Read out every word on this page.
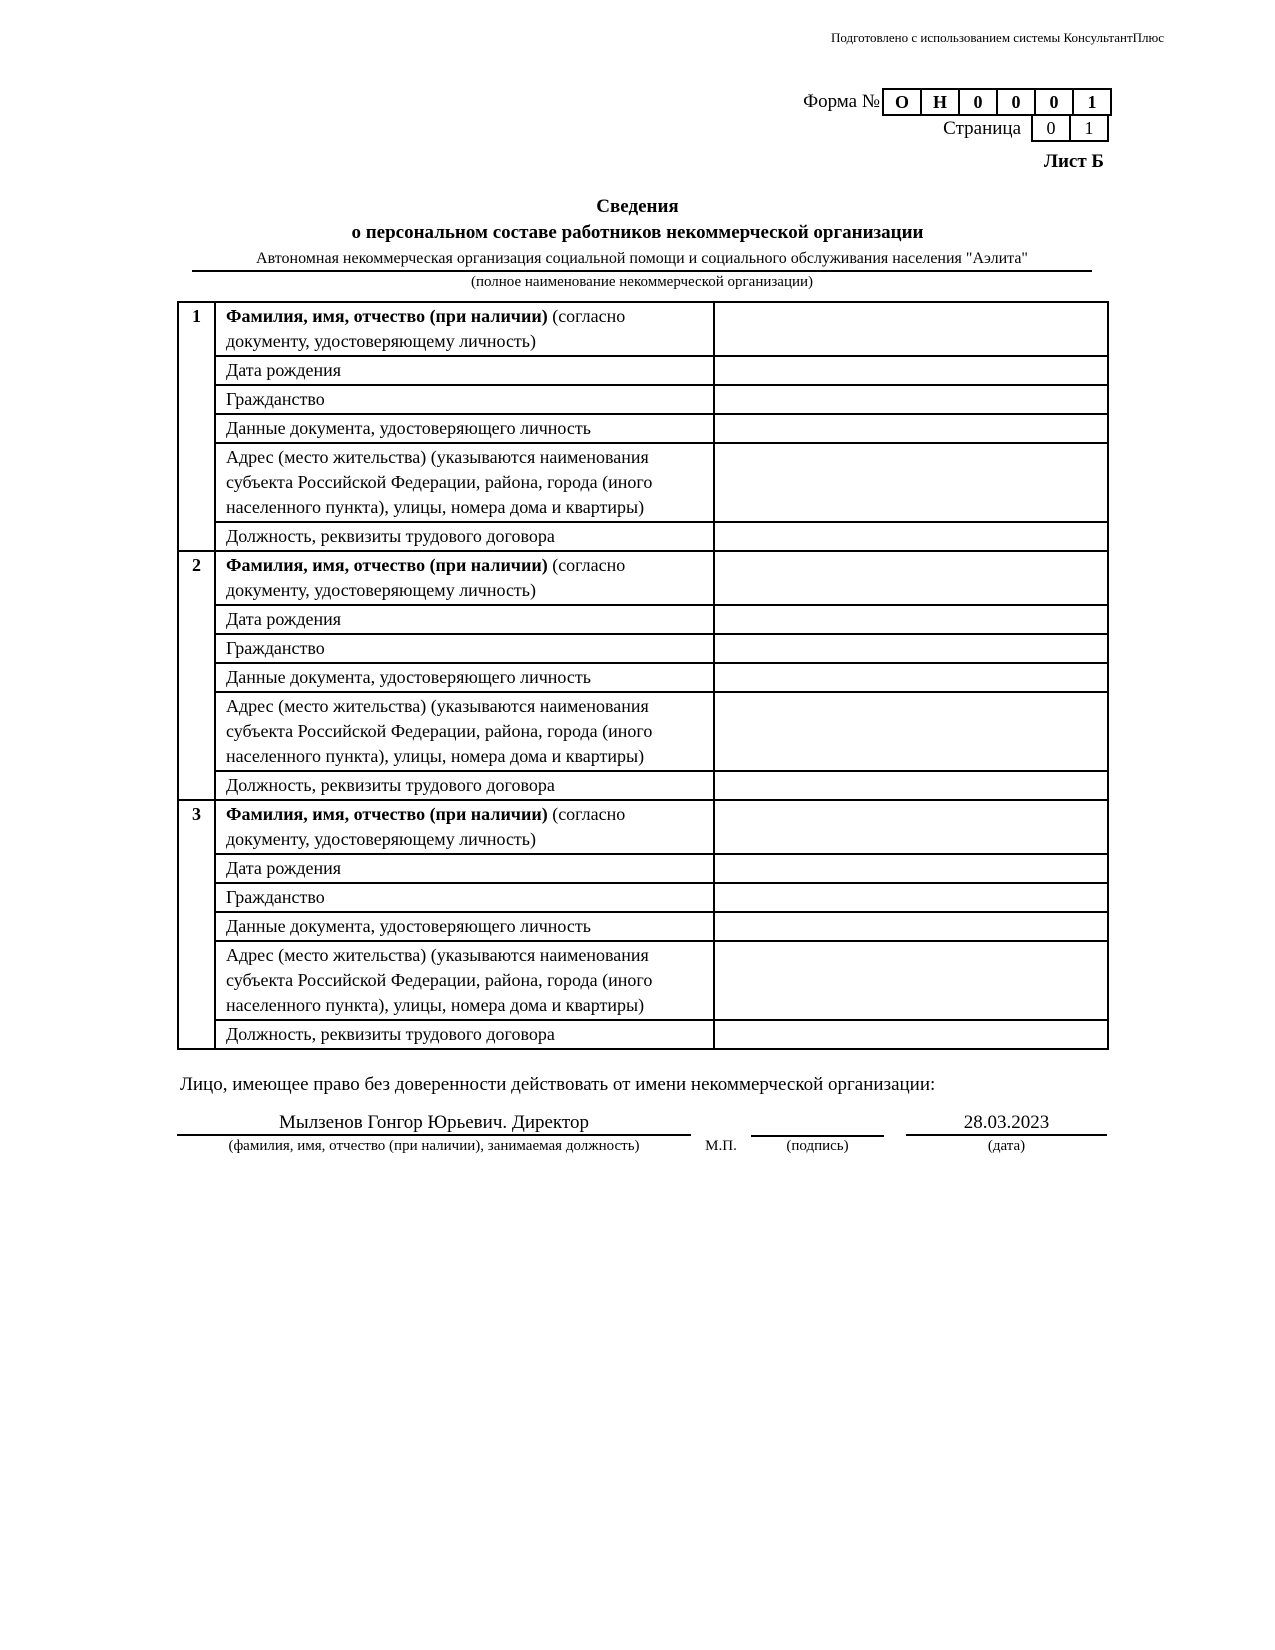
Подготовлено с использованием системы КонсультантПлюс
Форма № О	Н	0	0	0	1
Страница 0	1
Лист Б
Сведения
о персональном составе работников некоммерческой организации
Автономная некоммерческая организация социальной помощи и социального обслуживания населения "Аэлита"
(полное наименование некоммерческой организации)
1	Фамилия, имя, отчество (при наличии) (согласно документу, удостоверяющему личность)	
	Дата рождения	
	Гражданство	
	Данные документа, удостоверяющего личность	
	Адрес (место жительства) (указываются наименования субъекта Российской Федерации, района, города (иного населенного пункта), улицы, номера дома и квартиры)	
	Должность, реквизиты трудового договора	
2	Фамилия, имя, отчество (при наличии) (согласно документу, удостоверяющему личность)	
	Дата рождения	
	Гражданство	
	Данные документа, удостоверяющего личность	
	Адрес (место жительства) (указываются наименования субъекта Российской Федерации, района, города (иного населенного пункта), улицы, номера дома и квартиры)	
	Должность, реквизиты трудового договора	
3	Фамилия, имя, отчество (при наличии) (согласно документу, удостоверяющему личность)	
	Дата рождения	
	Гражданство	
	Данные документа, удостоверяющего личность	
	Адрес (место жительства) (указываются наименования субъекта Российской Федерации, района, города (иного населенного пункта), улицы, номера дома и квартиры)	
	Должность, реквизиты трудового договора	
Лицо, имеющее право без доверенности действовать от имени некоммерческой организации:
Мылзенов Гонгор Юрьевич. Директор	28.03.2023
(фамилия, имя, отчество (при наличии), занимаемая должность)	М.П.	(подпись)	(дата)
